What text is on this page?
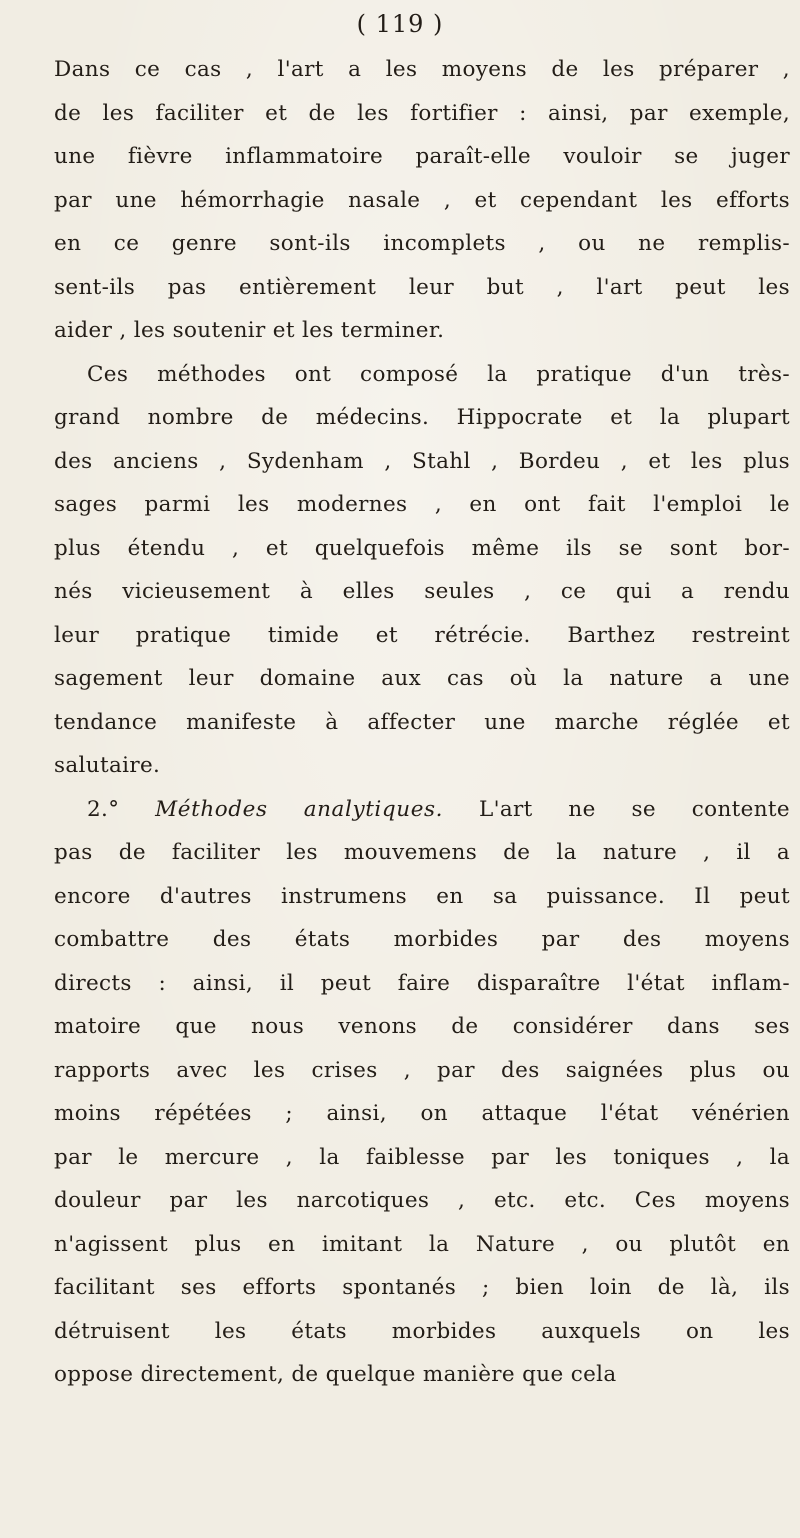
( 119 )
Dans ce cas , l'art a les moyens de les préparer ,
de les faciliter et de les fortifier : ainsi, par exemple,
une fièvre inflammatoire paraît-elle vouloir se juger
par une hémorrhagie nasale , et cependant les efforts
en ce genre sont-ils incomplets , ou ne remplis-
sent-ils pas entièrement leur but , l'art peut les
aider , les soutenir et les terminer.
Ces méthodes ont composé la pratique d'un très-
grand nombre de médecins. Hippocrate et la plupart
des anciens , Sydenham , Stahl , Bordeu , et les plus
sages parmi les modernes , en ont fait l'emploi le
plus étendu , et quelquefois même ils se sont bor-
nés vicieusement à elles seules , ce qui a rendu
leur pratique timide et rétrécie. Barthez restreint
sagement leur domaine aux cas où la nature a une
tendance manifeste à affecter une marche réglée et
salutaire.
2.° Méthodes analytiques. L'art ne se contente
pas de faciliter les mouvemens de la nature , il a
encore d'autres instrumens en sa puissance. Il peut
combattre des états morbides par des moyens
directs : ainsi, il peut faire disparaître l'état inflam-
matoire que nous venons de considérer dans ses
rapports avec les crises , par des saignées plus ou
moins répétées ; ainsi, on attaque l'état vénérien
par le mercure , la faiblesse par les toniques , la
douleur par les narcotiques , etc. etc. Ces moyens
n'agissent plus en imitant la Nature , ou plutôt en
facilitant ses efforts spontanés ; bien loin de là, ils
détruisent les états morbides auxquels on les
oppose directement, de quelque manière que cela
